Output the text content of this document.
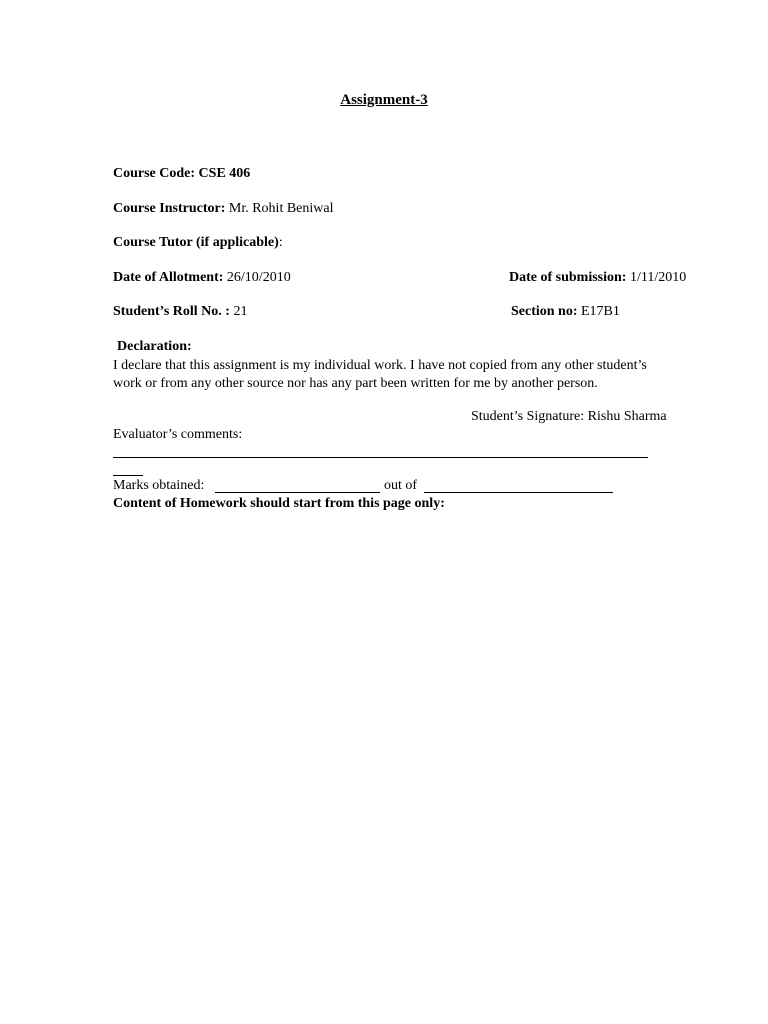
Assignment-3
Course Code: CSE 406
Course Instructor: Mr. Rohit Beniwal
Course Tutor (if applicable):
Date of Allotment: 26/10/2010	Date of submission: 1/11/2010
Student’s Roll No. : 21	Section no: E17B1
Declaration:
I declare that this assignment is my individual work. I have not copied from any other student’s work or from any other source nor has any part been written for me by another person.
Student’s Signature: Rishu Sharma
Evaluator’s comments:
Marks obtained:	out of
Content of Homework should start from this page only:
